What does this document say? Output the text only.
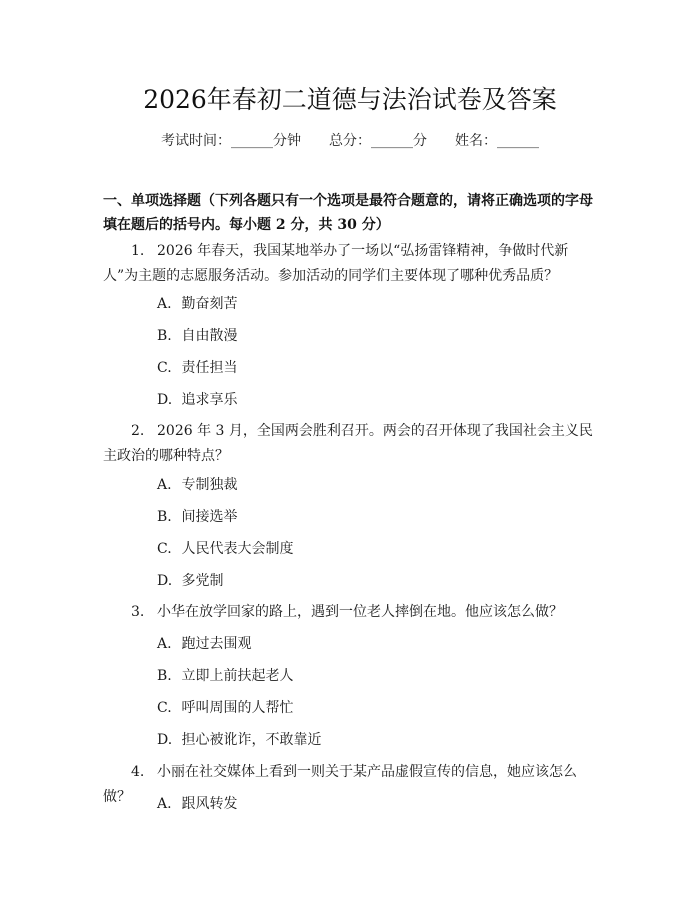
2026年春初二道德与法治试卷及答案
考试时间：______分钟 总分：______分 姓名：______
一、单项选择题（下列各题只有一个选项是最符合题意的，请将正确选项的字母填在题后的括号内。每小题 2 分，共 30 分）
1. 2026 年春天，我国某地举办了一场以“弘扬雷锋精神，争做时代新人”为主题的志愿服务活动。参加活动的同学们主要体现了哪种优秀品质？
A. 勤奋刻苦
B. 自由散漫
C. 责任担当
D. 追求享乐
2. 2026 年 3 月，全国两会胜利召开。两会的召开体现了我国社会主义民主政治的哪种特点？
A. 专制独裁
B. 间接选举
C. 人民代表大会制度
D. 多党制
3. 小华在放学回家的路上，遇到一位老人摔倒在地。他应该怎么做？
A. 跑过去围观
B. 立即上前扶起老人
C. 呼叫周围的人帮忙
D. 担心被讹诈，不敢靠近
4. 小丽在社交媒体上看到一则关于某产品虚假宣传的信息，她应该怎么做？	A. 跟风转发
